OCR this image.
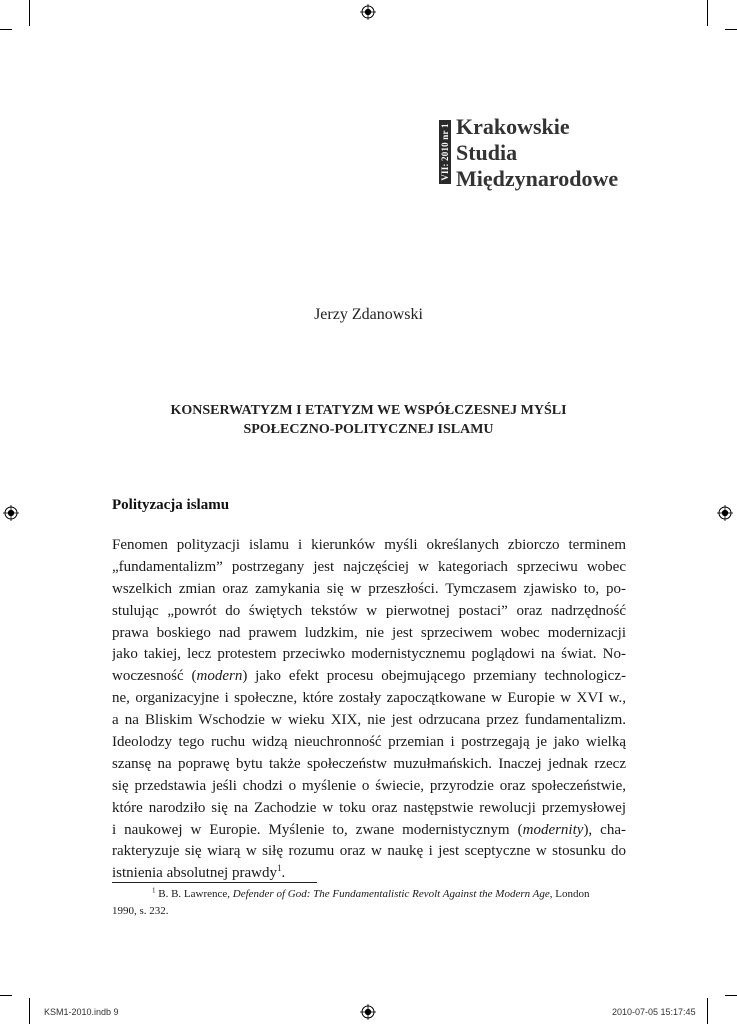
VII: 2010 nr 1 Krakowskie
Studia
Międzynarodowe
Jerzy Zdanowski
KONSERWATYZM I ETATYZM WE WSPÓŁCZESNEJ MYŚLI
SPOŁECZNO-POLITYCZNEJ ISLAMU
Polityzacja islamu
Fenomen polityzacji islamu i kierunków myśli określanych zbiorczo terminem
„fundamentalizm” postrzegany jest najczęściej w kategoriach sprzeciwu wobec
wszelkich zmian oraz zamykania się w przeszłości. Tymczasem zjawisko to, po-
stulując „powrót do świętych tekstów w pierwotnej postaci” oraz nadrzędność
prawa boskiego nad prawem ludzkim, nie jest sprzeciwem wobec modernizacji
jako takiej, lecz protestem przeciwko modernistycznemu poglądowi na świat. No-
woczesność (modern) jako efekt procesu obejmującego przemiany technologicz-
ne, organizacyjne i społeczne, które zostały zapoczątkowane w Europie w XVI w.,
a na Bliskim Wschodzie w wieku XIX, nie jest odrzucana przez fundamentalizm.
Ideolodzy tego ruchu widzą nieuchronność przemian i postrzegają je jako wielką
szansę na poprawę bytu także społeczeństw muzułmańskich. Inaczej jednak rzecz
się przedstawia jeśli chodzi o myślenie o świecie, przyrodzie oraz społeczeństwie,
które narodziło się na Zachodzie w toku oraz następstwie rewolucji przemysłowej
i naukowej w Europie. Myślenie to, zwane modernistycznym (modernity), cha-
rakteryzuje się wiarą w siłę rozumu oraz w naukę i jest sceptyczne w stosunku do
istnienia absolutnej prawdy$^1$.
$^1$ B. B. Lawrence, Defender of God: The Fundamentalistic Revolt Against the Modern Age, London
1990, s. 232.
KSM1-2010.indb 9	2010-07-05 15:17:45
